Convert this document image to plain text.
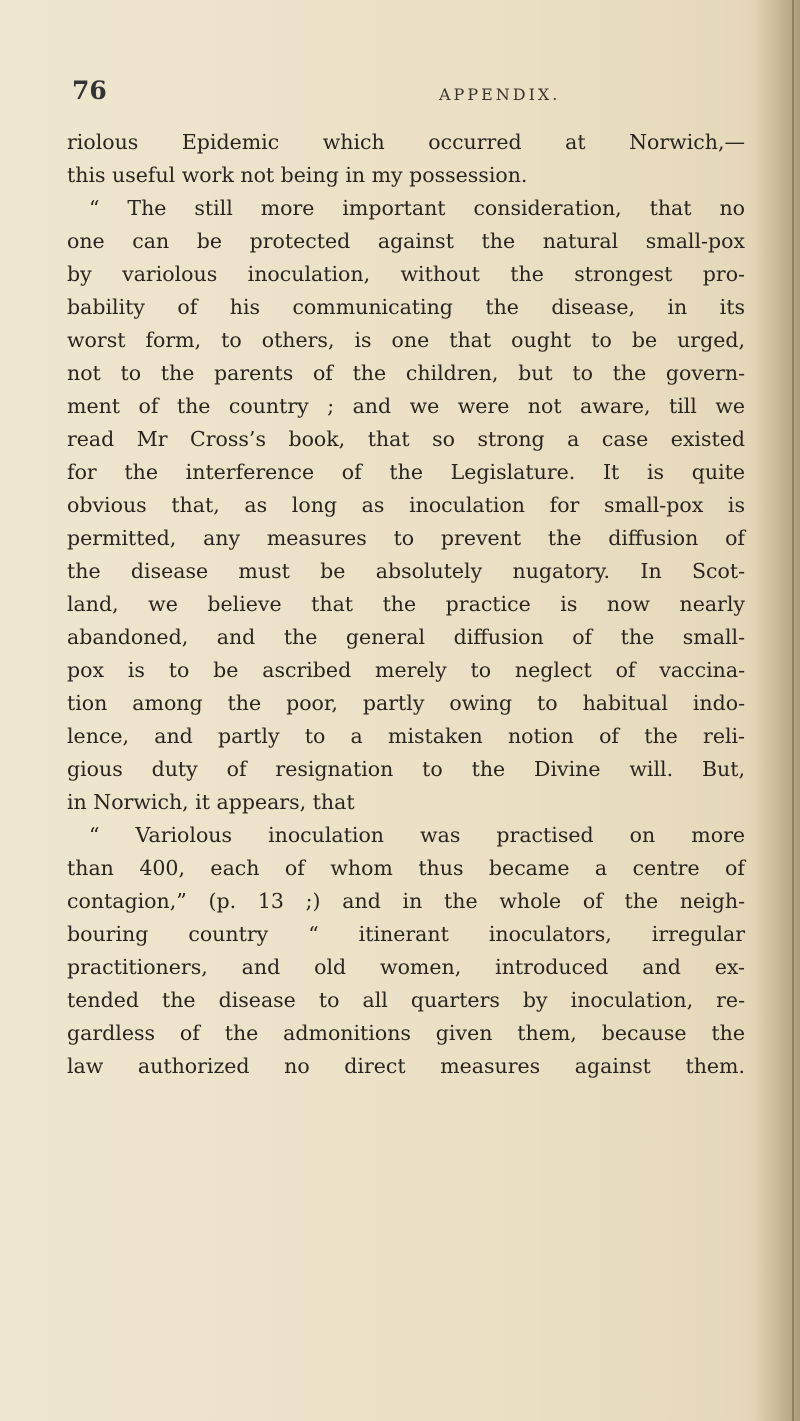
76	APPENDIX.
riolous Epidemic which occurred at Norwich,—
this useful work not being in my possession.
“ The still more important consideration, that no
one can be protected against the natural small-pox
by variolous inoculation, without the strongest pro-
bability of his communicating the disease, in its
worst form, to others, is one that ought to be urged,
not to the parents of the children, but to the govern-
ment of the country ; and we were not aware, till we
read Mr Cross’s book, that so strong a case existed
for the interference of the Legislature. It is quite
obvious that, as long as inoculation for small-pox is
permitted, any measures to prevent the diffusion of
the disease must be absolutely nugatory. In Scot-
land, we believe that the practice is now nearly
abandoned, and the general diffusion of the small-
pox is to be ascribed merely to neglect of vaccina-
tion among the poor, partly owing to habitual indo-
lence, and partly to a mistaken notion of the reli-
gious duty of resignation to the Divine will. But,
in Norwich, it appears, that
“ Variolous inoculation was practised on more
than 400, each of whom thus became a centre of
contagion,” (p. 13 ;) and in the whole of the neigh-
bouring country “ itinerant inoculators, irregular
practitioners, and old women, introduced and ex-
tended the disease to all quarters by inoculation, re-
gardless of the admonitions given them, because the
law authorized no direct measures against them.
